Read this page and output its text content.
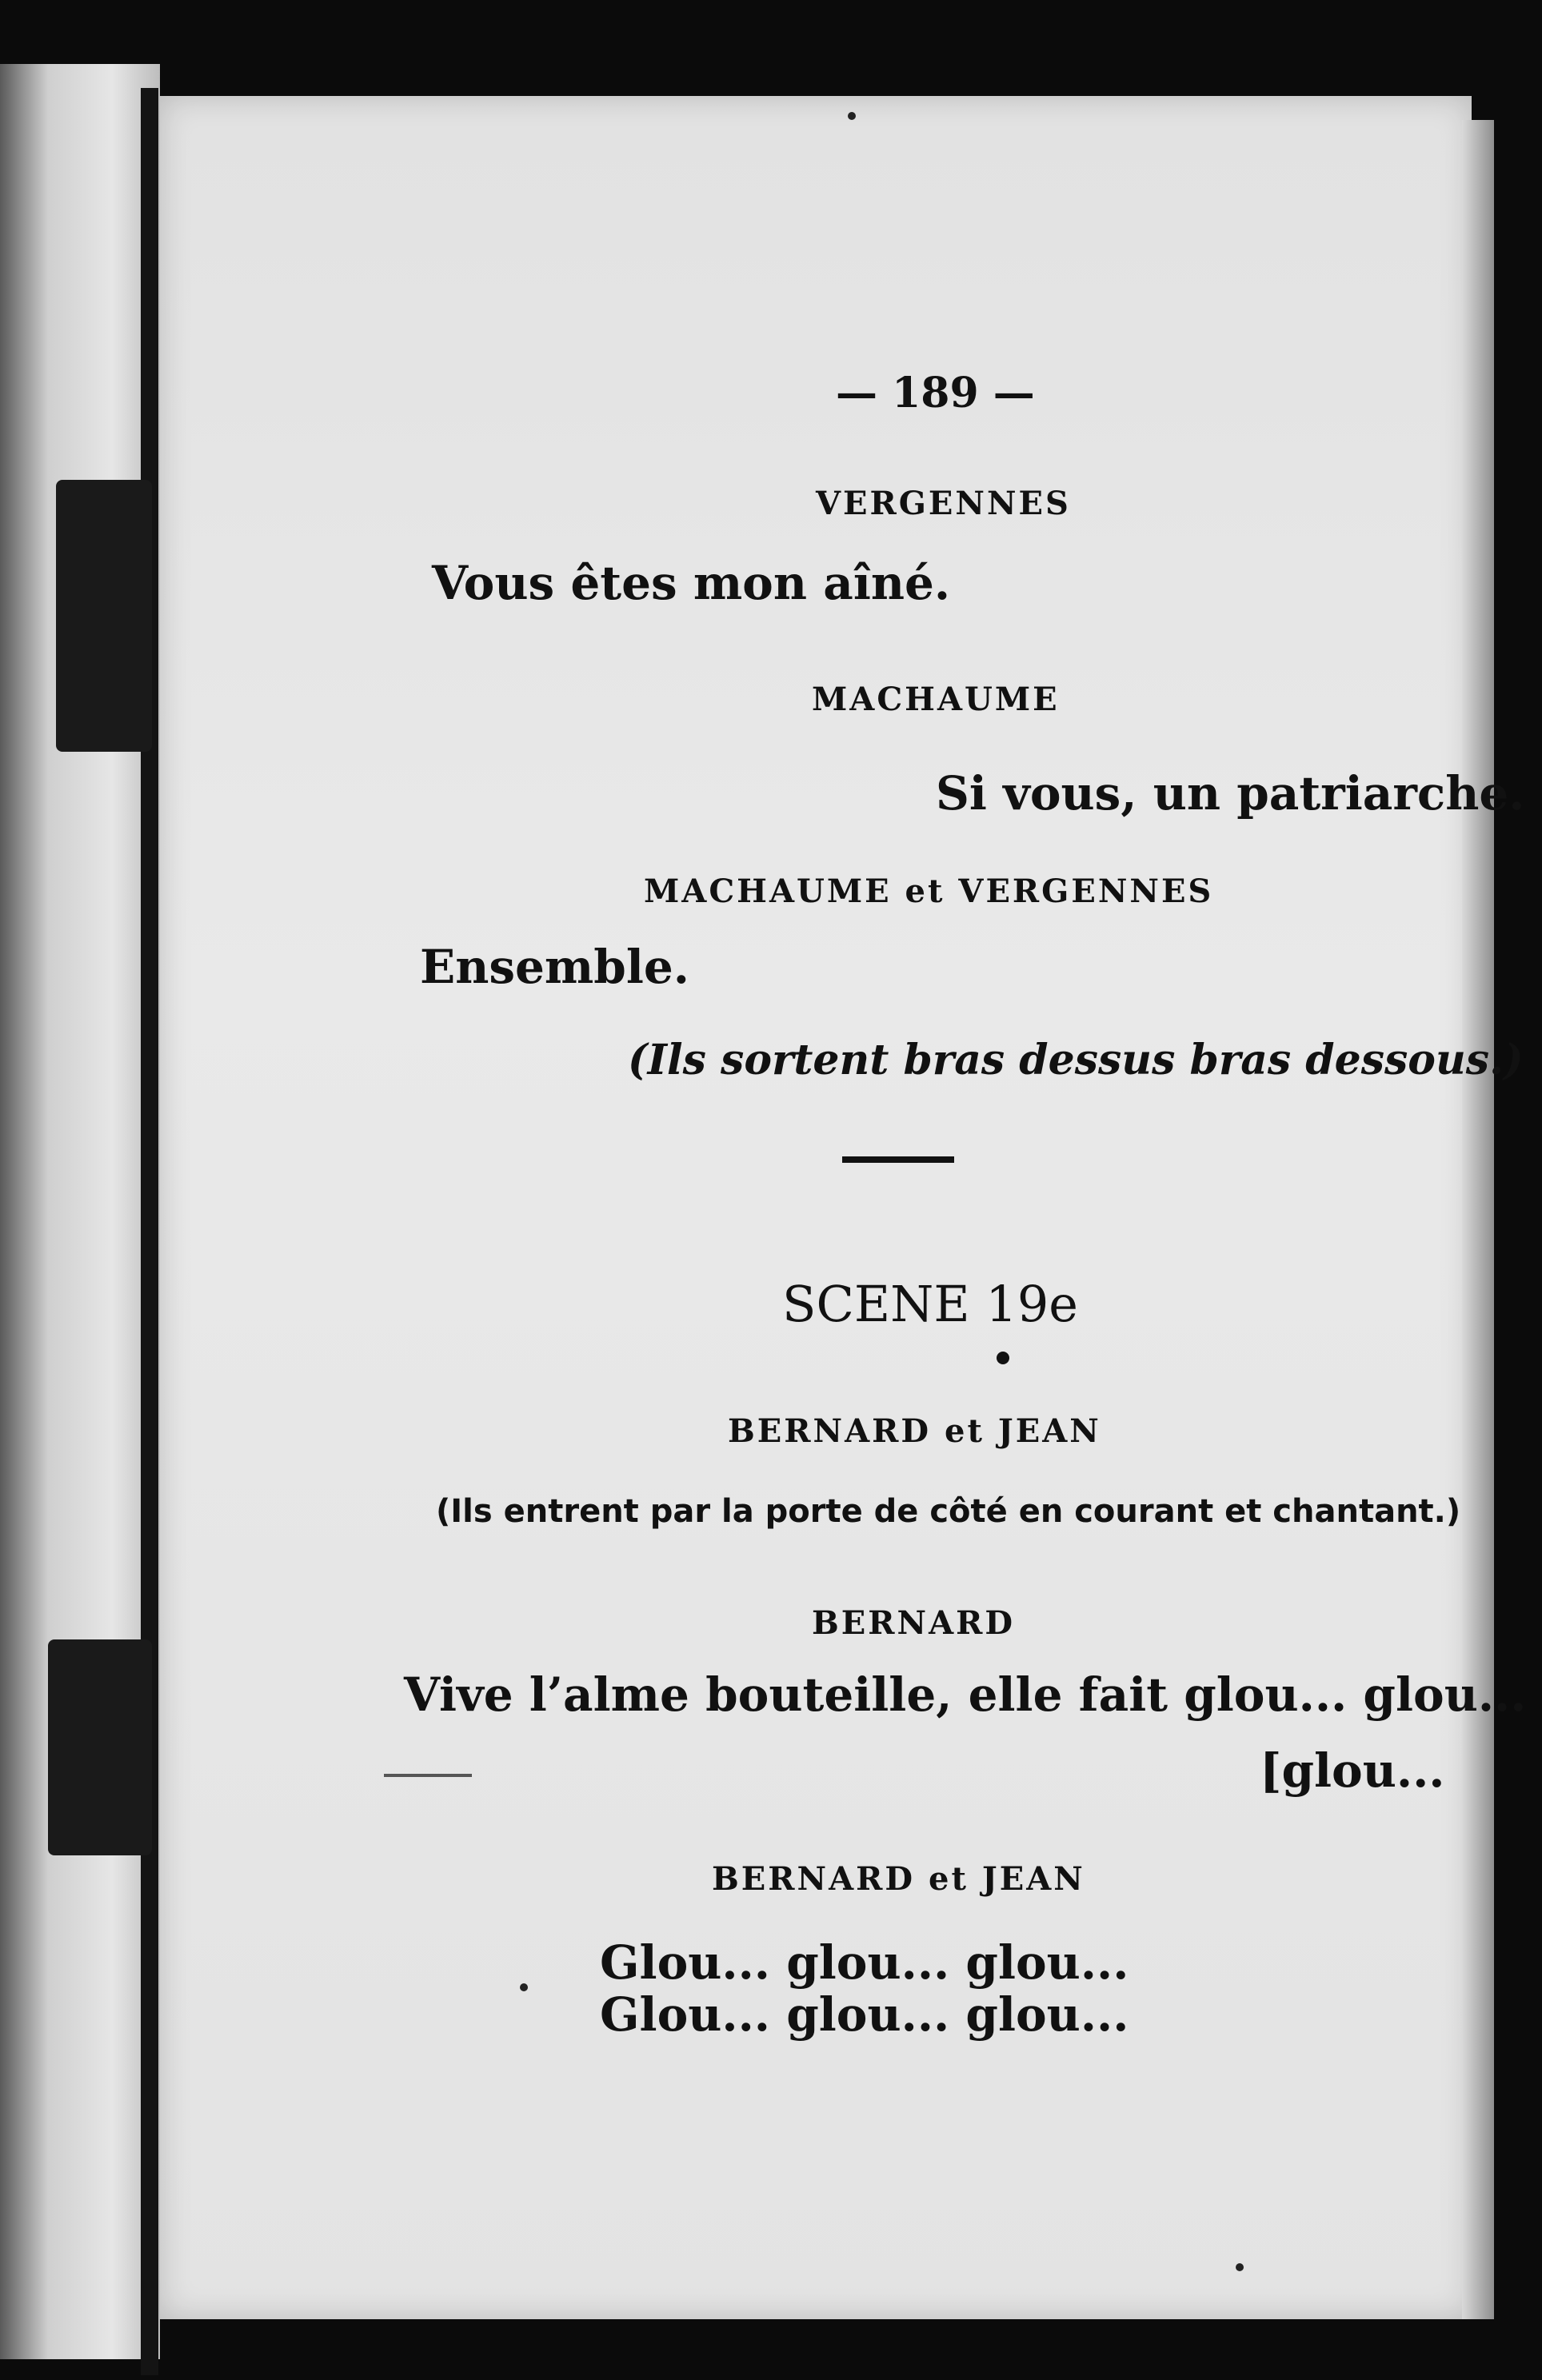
— 189 —
VERGENNES
Vous êtes mon aîné.
MACHAUME
Si vous, un patriarche.
MACHAUME et VERGENNES
Ensemble.
(Ils sortent bras dessus bras dessous.)
SCENE 19e
BERNARD et JEAN
(Ils entrent par la porte de côté en courant et chantant.)
BERNARD
Vive l’alme bouteille, elle fait glou... glou...
[glou...
BERNARD et JEAN
Glou... glou... glou...
Glou... glou... glou...
